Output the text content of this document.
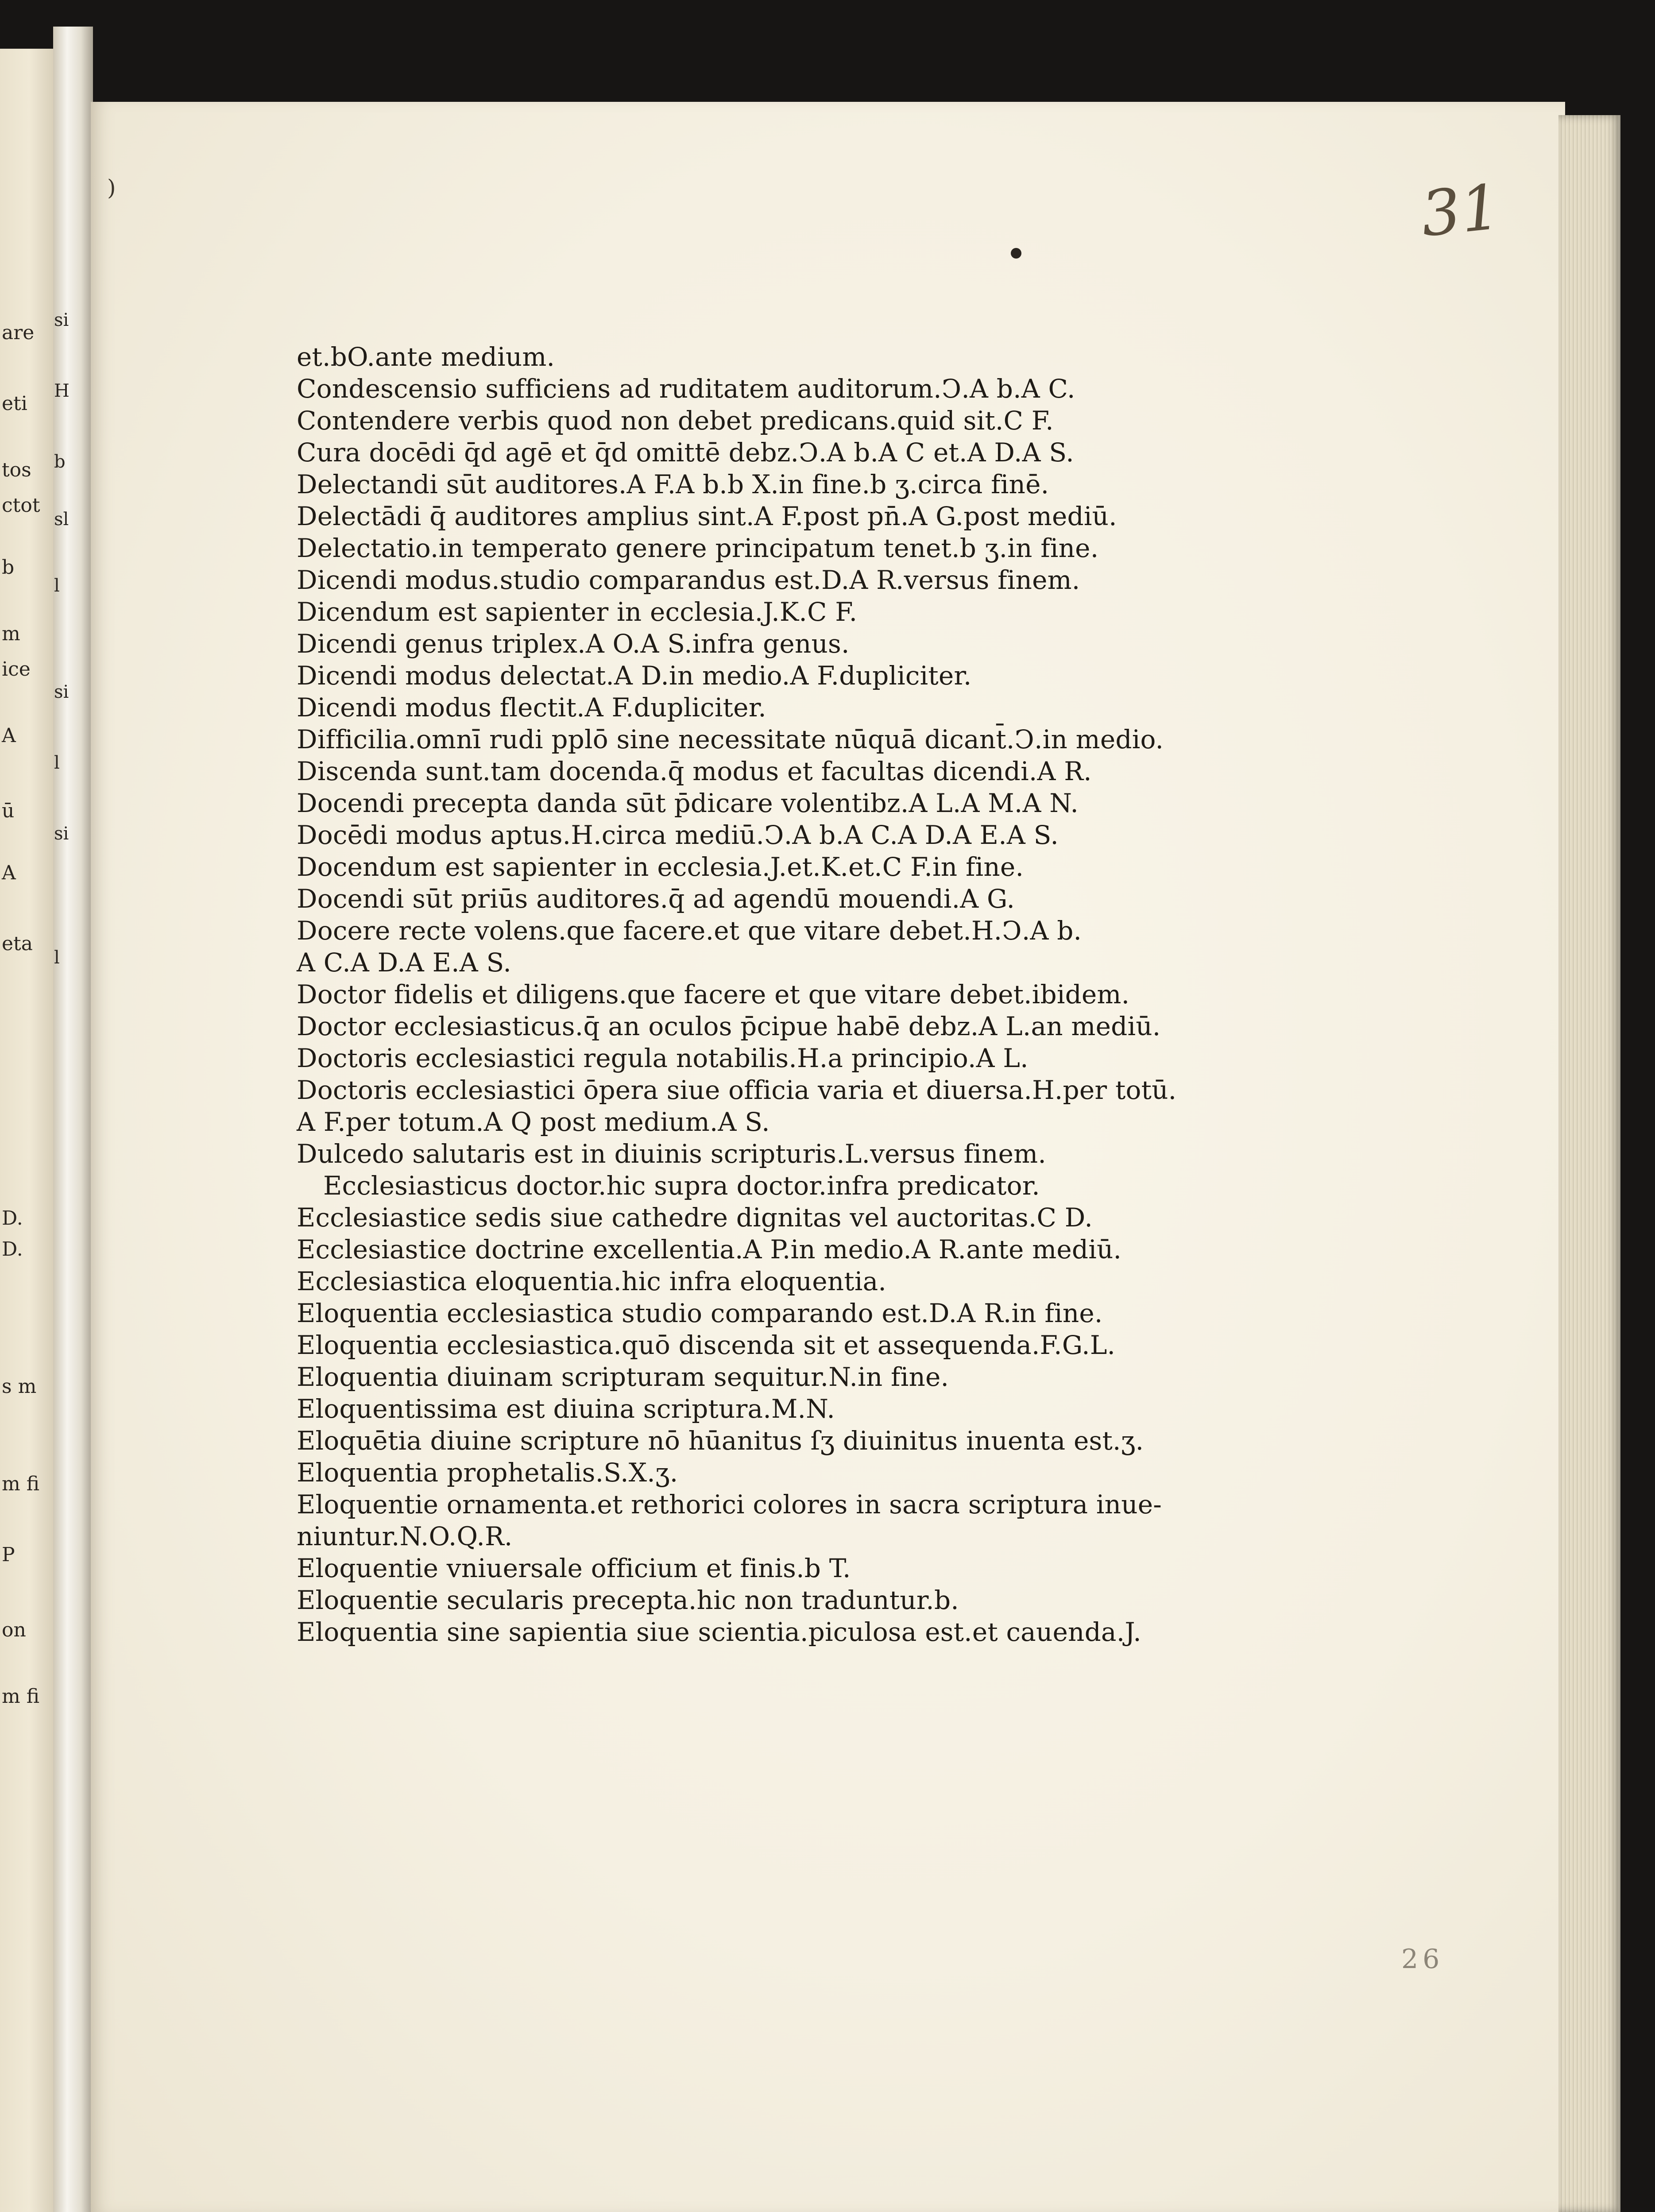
are
eti
tos
ctot
b
m
ice
A
ū
A
eta
D.
D.
s m
m fi
P
on
m fi
si
H
b
sl
l
si
l
si
l
)	31
et.bO.ante medium.
Condescensio sufficiens ad ruditatem auditorum.Ↄ.A b.A C.
Contendere verbis quod non debet predicans.quid sit.C F.
Cura docēdi q̄d agē et q̄d omittē debz.Ↄ.A b.A C et.A D.A S.
Delectandi sūt auditores.A F.A b.b X.in fine.b ʒ.circa finē.
Delectādi q̄ auditores amplius sint.A F.post pn̄.A G.post mediū.
Delectatio.in temperato genere principatum tenet.b ʒ.in fine.
Dicendi modus.studio comparandus est.D.A R.versus finem.
Dicendum est sapienter in ecclesia.J.K.C F.
Dicendi genus triplex.A O.A S.infra genus.
Dicendi modus delectat.A D.in medio.A F.dupliciter.
Dicendi modus flectit.A F.dupliciter.
Difficilia.omnī rudi pplō sine necessitate nūquā dicant̄.Ↄ.in medio.
Discenda sunt.tam docenda.q̄ modus et facultas dicendi.A R.
Docendi precepta danda sūt p̄dicare volentibz.A L.A M.A N.
Docēdi modus aptus.H.circa mediū.Ↄ.A b.A C.A D.A E.A S.
Docendum est sapienter in ecclesia.J.et.K.et.C F.in fine.
Docendi sūt priūs auditores.q̄ ad agendū mouendi.A G.
Docere recte volens.que facere.et que vitare debet.H.Ↄ.A b.
A C.A D.A E.A S.
Doctor fidelis et diligens.que facere et que vitare debet.ibidem.
Doctor ecclesiasticus.q̄ an oculos p̄cipue habē debz.A L.an mediū.
Doctoris ecclesiastici regula notabilis.H.a principio.A L.
Doctoris ecclesiastici ōpera siue officia varia et diuersa.H.per totū.
A F.per totum.A Q post medium.A S.
Dulcedo salutaris est in diuinis scripturis.L.versus finem.
Ecclesiasticus doctor.hic supra doctor.infra predicator.
Ecclesiastice sedis siue cathedre dignitas vel auctoritas.C D.
Ecclesiastice doctrine excellentia.A P.in medio.A R.ante mediū.
Ecclesiastica eloquentia.hic infra eloquentia.
Eloquentia ecclesiastica studio comparando est.D.A R.in fine.
Eloquentia ecclesiastica.quō discenda sit et assequenda.F.G.L.
Eloquentia diuinam scripturam sequitur.N.in fine.
Eloquentissima est diuina scriptura.M.N.
Eloquētia diuine scripture nō hūanitus ſʒ diuinitus inuenta est.ʒ.
Eloquentia prophetalis.S.X.ʒ.
Eloquentie ornamenta.et rethorici colores in sacra scriptura inue-
niuntur.N.O.Q.R.
Eloquentie vniuersale officium et finis.b T.
Eloquentie secularis precepta.hic non traduntur.b.
Eloquentia sine sapientia siue scientia.piculosa est.et cauenda.J.
26
